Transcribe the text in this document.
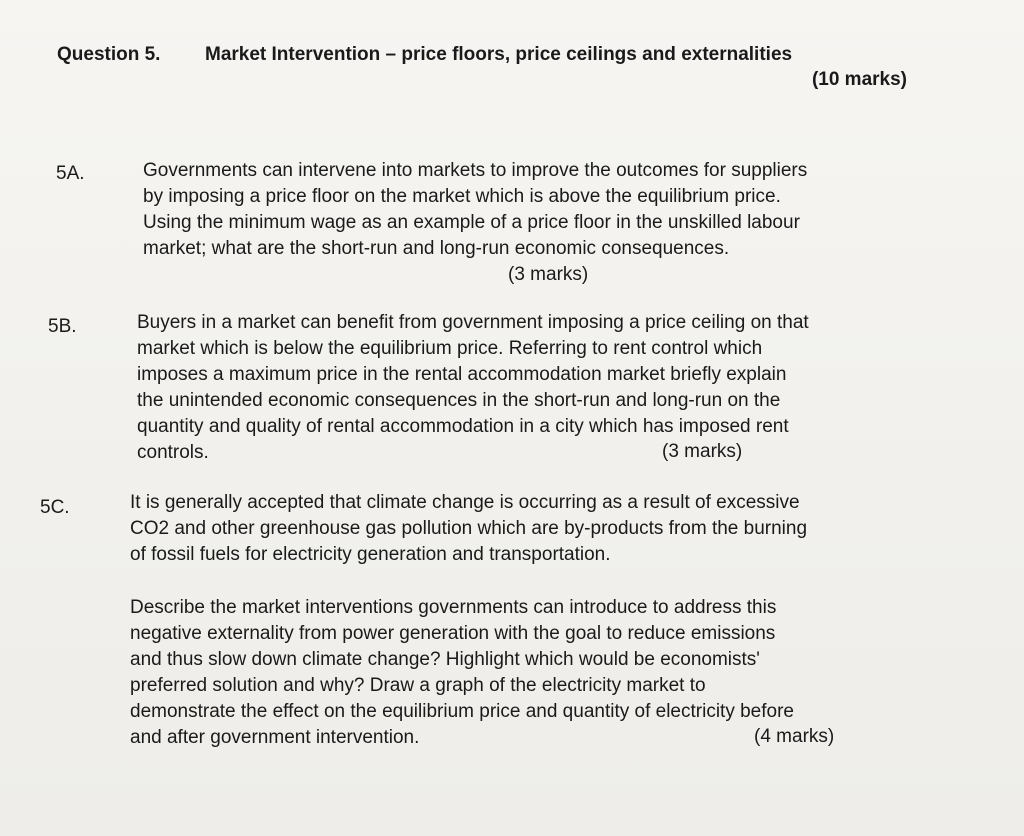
Question 5. Market Intervention – price floors, price ceilings and externalities
(10 marks)
5A.	Governments can intervene into markets to improve the outcomes for suppliers
by imposing a price floor on the market which is above the equilibrium price.
Using the minimum wage as an example of a price floor in the unskilled labour
market; what are the short-run and long-run economic consequences.
(3 marks)
5B.	Buyers in a market can benefit from government imposing a price ceiling on that
market which is below the equilibrium price. Referring to rent control which
imposes a maximum price in the rental accommodation market briefly explain
the unintended economic consequences in the short-run and long-run on the
quantity and quality of rental accommodation in a city which has imposed rent
controls.	(3 marks)
5C.	It is generally accepted that climate change is occurring as a result of excessive
CO2 and other greenhouse gas pollution which are by-products from the burning
of fossil fuels for electricity generation and transportation.
Describe the market interventions governments can introduce to address this
negative externality from power generation with the goal to reduce emissions
and thus slow down climate change? Highlight which would be economists'
preferred solution and why? Draw a graph of the electricity market to
demonstrate the effect on the equilibrium price and quantity of electricity before
and after government intervention.	(4 marks)
